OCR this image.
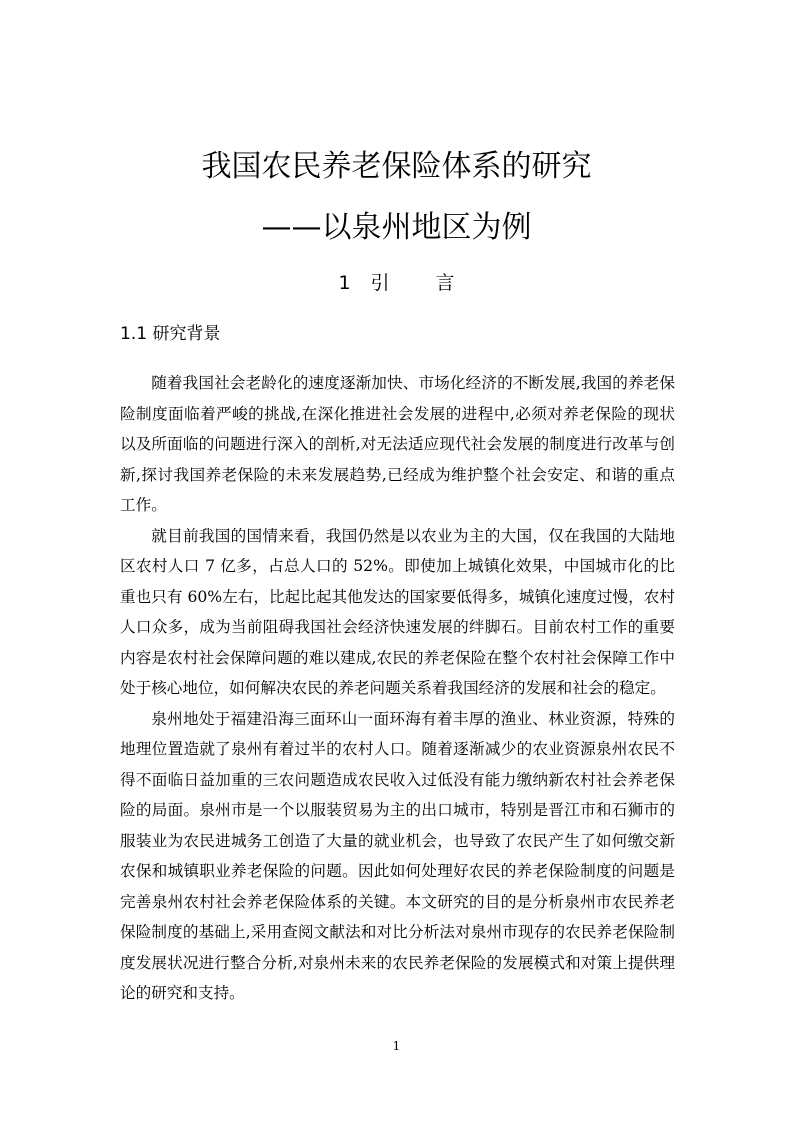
我国农民养老保险体系的研究
——以泉州地区为例
1 引 言
1.1 研究背景

随着我国社会老龄化的速度逐渐加快、市场化经济的不断发展,我国的养老保险制度面临着严峻的挑战,在深化推进社会发展的进程中,必须对养老保险的现状以及所面临的问题进行深入的剖析,对无法适应现代社会发展的制度进行改革与创新,探讨我国养老保险的未来发展趋势,已经成为维护整个社会安定、和谐的重点工作。

就目前我国的国情来看，我国仍然是以农业为主的大国，仅在我国的大陆地区农村人口 7 亿多，占总人口的 52%。即使加上城镇化效果，中国城市化的比重也只有 60%左右，比起比起其他发达的国家要低得多，城镇化速度过慢，农村人口众多，成为当前阻碍我国社会经济快速发展的绊脚石。目前农村工作的重要内容是农村社会保障问题的难以建成,农民的养老保险在整个农村社会保障工作中处于核心地位，如何解决农民的养老问题关系着我国经济的发展和社会的稳定。

泉州地处于福建沿海三面环山一面环海有着丰厚的渔业、林业资源，特殊的地理位置造就了泉州有着过半的农村人口。随着逐渐减少的农业资源泉州农民不得不面临日益加重的三农问题造成农民收入过低没有能力缴纳新农村社会养老保险的局面。泉州市是一个以服装贸易为主的出口城市，特别是晋江市和石狮市的服装业为农民进城务工创造了大量的就业机会，也导致了农民产生了如何缴交新农保和城镇职业养老保险的问题。因此如何处理好农民的养老保险制度的问题是完善泉州农村社会养老保险体系的关键。本文研究的目的是分析泉州市农民养老保险制度的基础上,采用查阅文献法和对比分析法对泉州市现存的农民养老保险制度发展状况进行整合分析,对泉州未来的农民养老保险的发展模式和对策上提供理论的研究和支持。

1
